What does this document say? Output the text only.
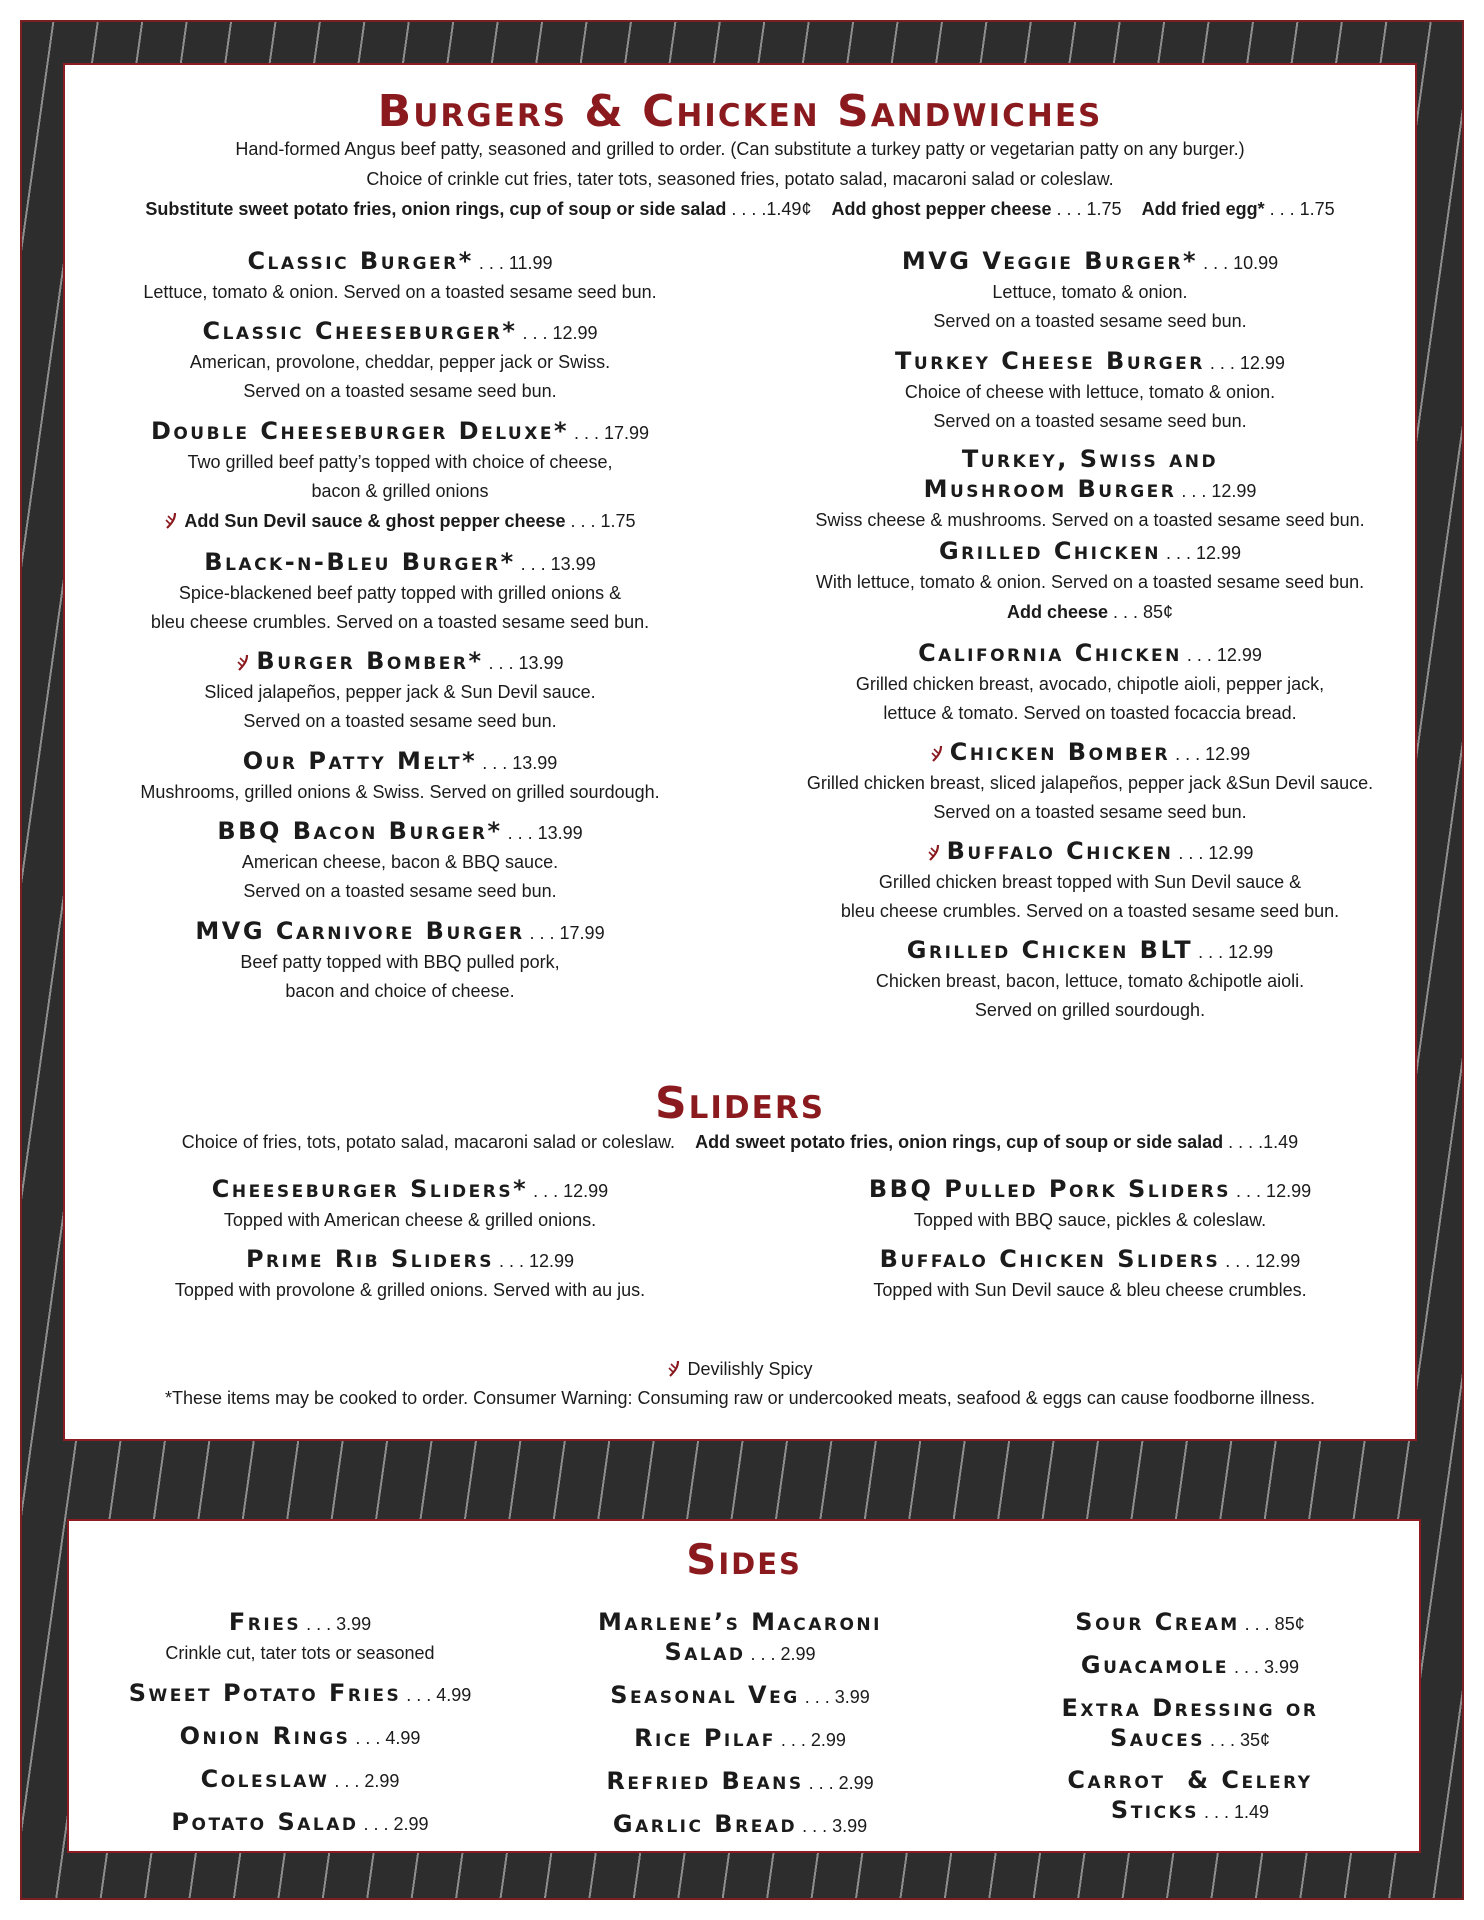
Burgers & Chicken Sandwiches
Hand-formed Angus beef patty, seasoned and grilled to order. (Can substitute a turkey patty or vegetarian patty on any burger.)
Choice of crinkle cut fries, tater tots, seasoned fries, potato salad, macaroni salad or coleslaw.
Substitute sweet potato fries, onion rings, cup of soup or side salad . . . .1.49¢ Add ghost pepper cheese . . . 1.75 Add fried egg* . . . 1.75
Classic Burger* . . . 11.99
Lettuce, tomato & onion. Served on a toasted sesame seed bun.
Classic Cheeseburger* . . . 12.99
American, provolone, cheddar, pepper jack or Swiss.
Served on a toasted sesame seed bun.
Double Cheeseburger Deluxe* . . . 17.99
Two grilled beef patty’s topped with choice of cheese,
bacon & grilled onions
Add Sun Devil sauce & ghost pepper cheese . . . 1.75
Black-n-Bleu Burger* . . . 13.99
Spice-blackened beef patty topped with grilled onions &
bleu cheese crumbles. Served on a toasted sesame seed bun.
Burger Bomber* . . . 13.99
Sliced jalapeños, pepper jack & Sun Devil sauce.
Served on a toasted sesame seed bun.
Our Patty Melt* . . . 13.99
Mushrooms, grilled onions & Swiss. Served on grilled sourdough.
BBQ Bacon Burger* . . . 13.99
American cheese, bacon & BBQ sauce.
Served on a toasted sesame seed bun.
MVG Carnivore Burger . . . 17.99
Beef patty topped with BBQ pulled pork,
bacon and choice of cheese.
MVG Veggie Burger* . . . 10.99
Lettuce, tomato & onion.
Served on a toasted sesame seed bun.
Turkey Cheese Burger . . . 12.99
Choice of cheese with lettuce, tomato & onion.
Served on a toasted sesame seed bun.
Turkey, Swiss and
Mushroom Burger . . . 12.99
Swiss cheese & mushrooms. Served on a toasted sesame seed bun.
Grilled Chicken . . . 12.99
With lettuce, tomato & onion. Served on a toasted sesame seed bun.
Add cheese . . . 85¢
California Chicken . . . 12.99
Grilled chicken breast, avocado, chipotle aioli, pepper jack,
lettuce & tomato. Served on toasted focaccia bread.
Chicken Bomber . . . 12.99
Grilled chicken breast, sliced jalapeños, pepper jack &Sun Devil sauce.
Served on a toasted sesame seed bun.
Buffalo Chicken . . . 12.99
Grilled chicken breast topped with Sun Devil sauce &
bleu cheese crumbles. Served on a toasted sesame seed bun.
Grilled Chicken BLT . . . 12.99
Chicken breast, bacon, lettuce, tomato &chipotle aioli.
Served on grilled sourdough.
Sliders
Choice of fries, tots, potato salad, macaroni salad or coleslaw. Add sweet potato fries, onion rings, cup of soup or side salad . . . .1.49
Cheeseburger Sliders* . . . 12.99
Topped with American cheese & grilled onions.
Prime Rib Sliders . . . 12.99
Topped with provolone & grilled onions. Served with au jus.
BBQ Pulled Pork Sliders . . . 12.99
Topped with BBQ sauce, pickles & coleslaw.
Buffalo Chicken Sliders . . . 12.99
Topped with Sun Devil sauce & bleu cheese crumbles.
Devilishly Spicy
*These items may be cooked to order. Consumer Warning: Consuming raw or undercooked meats, seafood & eggs can cause foodborne illness.
Sides
Fries . . . 3.99
Crinkle cut, tater tots or seasoned
Sweet Potato Fries . . . 4.99
Onion Rings . . . 4.99
Coleslaw . . . 2.99
Potato Salad . . . 2.99
Marlene’s Macaroni
Salad . . . 2.99
Seasonal Veg . . . 3.99
Rice Pilaf . . . 2.99
Refried Beans . . . 2.99
Garlic Bread . . . 3.99
Sour Cream . . . 85¢
Guacamole . . . 3.99
Extra Dressing or
Sauces . . . 35¢
Carrot  & Celery
Sticks . . . 1.49
